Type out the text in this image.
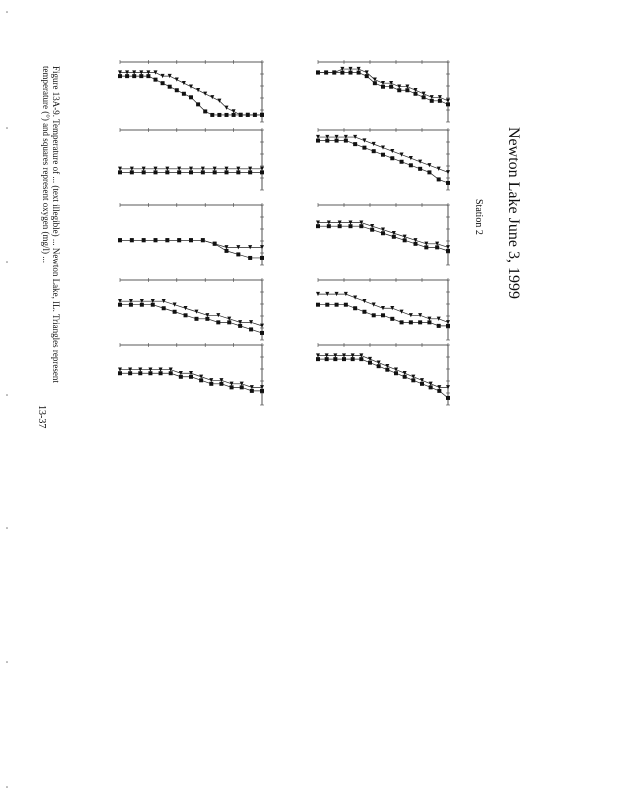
Newton Lake June 3, 1999
Station 2
Figure 13A-9. Temperature of ... (text illegible) ... Newton Lake, IL. Triangles represent
temperature (°) and squares represent oxygen (mg/l) ...
13-37
